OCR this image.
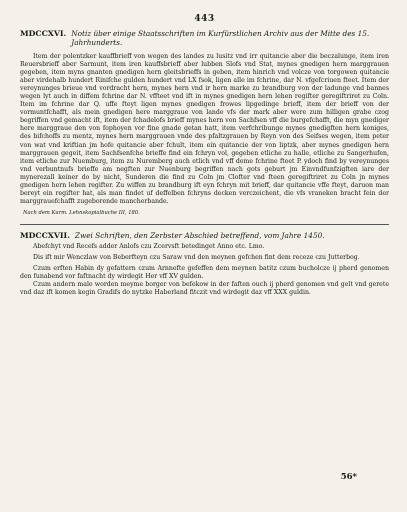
443
MDCCXVI. Notiz über einige Staatsschriften im Kurfürstlichen Archiv aus der Mitte des 15. Jahrhunderts.

Item der polentzker kauffbrieff von wegen des landes zu lusitz vnd irr quitancie aber die beczalunge, item iren Reuersbrieff aber Sarmunt, item iren kauffsbrieff aber lubben Slofs vnd Stat, mynes gnedigen hern marggrauen gegeben, item myns gnanten gnedigen hern gleitsbrieffs in geben, item hinrich vnd volcze von torgowen quitancie aber virdehalb hundert Rinifche gulden hundert vnd LX fsok, ligen alle im fchrine, dar N. vfgefcriuen fteet. Item der vereynunges brieue vnd vordracht hern, mynes hern vnd ir hern marke zu brandburg von der ladunge vnd bannes wegen lyt auch in diffem fchrine dar N. vffteet vnd ift in mynes gnedigen hern lehen regifter geregiftriret zu Coln. Item im fchrine dar Q. uffe fteyt ligen mynes gnedigen frowes lipgedinge brieff, item der brieff von der vormuntfchafft, als mein gnedigen here marggraue von lande vfs der mark aber were zum hilligen grabe czog begriffen vnd gemacht ift, item der fchadelofs brieff mynes hern von Sachfsen vff die burgefchafft, die myn gnediger here marggraue den von fophoyen vor fine gnade getan hatt, item verfchribunge mynes gnedigften hern koniges, des bifchoffs zu mentz, mynes hern marggrauen vnde des pfaltzgrauen by Reyn von des Seifses wegen, item peter von wat vnd kriftian jm hofe quitancie aber fchult, item ein quitancie der von liptzk, aber mynes gnedigen hern marggrauen gegeit, item Sachfsenfche brieffe find ein fchryn vol, gegeben etliche zu halle, etliche zu Sangerhufen, item etliche zur Nuemburg, item zu Nuremberg auch etlich vnd vff deme fchrine fteet P. ydoch find by vereynunges vnd verbuntnufs brieffe am negften zur Nuenburg begriffen nach gots geburt jm Einvndfunfzigften iare der mynerezall keiner do by nicht, Sunderen die find zu Coln jm Clofter vnd fteen geregiftriret zu Coln jn mynes gnedigen hern lehen regifter. Zu wiffen zu brandburg ift eyn fchryn mit brieff, dar quitancie vffe fteyt, daruon man bereyt ein regifter hat, als man findet uf deffelben fchryns decken verczeichent, die vfs vraneken bracht fein der marggrauefchafft zugeborende mancherbande.

Nach dem Kurm. Lehnskopialbuche III, 180.
MDCCXVII. Zwei Schriften, den Zerbster Abschied betreffend, vom Jahre 1450.

Abefchyt vnd Recefs adder Anlofs czu Zcervsft betedinget Anno etc. Lmo.

Dis ift mir Wenczlaw von Beberfteyn czu Saraw vnd den meynen gefchen fint dem receze czu Jutterbog.

Czum erften Habin dy gefattern czum Arnnefte gefeffen dem meynen batitz czum bucholcze ij pherd genomen den funabend vor faftnacht dy wirdegit Her vff XV gulden.

Czum andern male worden meyme borger von befekow in der faften ouch ij pherd genomen vnd gelt vnd gerete vnd daz ift komen kegin Gradifs do nytzke Haberland fitczit vnd wirdegit daz vff XXX guldin.

56*
